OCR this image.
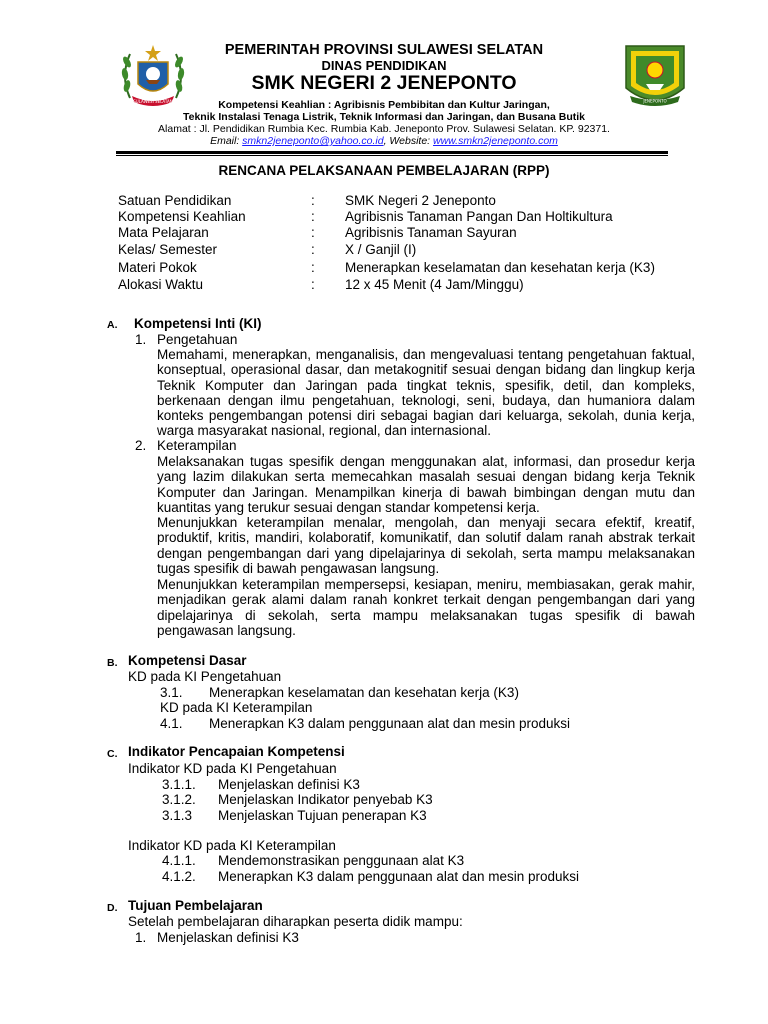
SULAWESI SELATAN	JENEPONTO
PEMERINTAH PROVINSI SULAWESI SELATAN
DINAS PENDIDIKAN
SMK NEGERI 2 JENEPONTO
Kompetensi Keahlian : Agribisnis Pembibitan dan Kultur Jaringan,
Teknik Instalasi Tenaga Listrik, Teknik Informasi dan Jaringan, dan Busana Butik
Alamat : Jl. Pendidikan Rumbia Kec. Rumbia Kab. Jeneponto Prov. Sulawesi Selatan. KP. 92371.
Email: smkn2jeneponto@yahoo.co.id, Website: www.smkn2jeneponto.com
RENCANA PELAKSANAAN PEMBELAJARAN (RPP)
Satuan Pendidikan	: SMK Negeri 2 Jeneponto
Kompetensi Keahlian	: Agribisnis Tanaman Pangan Dan Holtikultura
Mata Pelajaran	: Agribisnis Tanaman Sayuran
Kelas/ Semester	: X / Ganjil (I)
Materi Pokok	: Menerapkan keselamatan dan kesehatan kerja (K3)
Alokasi Waktu	: 12 x 45 Menit (4 Jam/Minggu)
A. Kompetensi Inti (KI)
1. Pengetahuan
Memahami, menerapkan, menganalisis, dan mengevaluasi tentang pengetahuan faktual, konseptual, operasional dasar, dan metakognitif sesuai dengan bidang dan lingkup kerja Teknik Komputer dan Jaringan pada tingkat teknis, spesifik, detil, dan kompleks, berkenaan dengan ilmu pengetahuan, teknologi, seni, budaya, dan humaniora dalam konteks pengembangan potensi diri sebagai bagian dari keluarga, sekolah, dunia kerja, warga masyarakat nasional, regional, dan internasional.
2. Keterampilan
Melaksanakan tugas spesifik dengan menggunakan alat, informasi, dan prosedur kerja yang lazim dilakukan serta memecahkan masalah sesuai dengan bidang kerja Teknik Komputer dan Jaringan. Menampilkan kinerja di bawah bimbingan dengan mutu dan kuantitas yang terukur sesuai dengan standar kompetensi kerja.
Menunjukkan keterampilan menalar, mengolah, dan menyaji secara efektif, kreatif, produktif, kritis, mandiri, kolaboratif, komunikatif, dan solutif dalam ranah abstrak terkait dengan pengembangan dari yang dipelajarinya di sekolah, serta mampu melaksanakan tugas spesifik di bawah pengawasan langsung.
Menunjukkan keterampilan mempersepsi, kesiapan, meniru, membiasakan, gerak mahir, menjadikan gerak alami dalam ranah konkret terkait dengan pengembangan dari yang dipelajarinya di sekolah, serta mampu melaksanakan tugas spesifik di bawah pengawasan langsung.
B. Kompetensi Dasar
KD pada KI Pengetahuan
3.1. Menerapkan keselamatan dan kesehatan kerja (K3)
KD pada KI Keterampilan
4.1. Menerapkan K3 dalam penggunaan alat dan mesin produksi
C. Indikator Pencapaian Kompetensi
Indikator KD pada KI Pengetahuan
3.1.1. Menjelaskan definisi K3
3.1.2. Menjelaskan Indikator penyebab K3
3.1.3 Menjelaskan Tujuan penerapan K3
Indikator KD pada KI Keterampilan
4.1.1. Mendemonstrasikan penggunaan alat K3
4.1.2. Menerapkan K3 dalam penggunaan alat dan mesin produksi
D. Tujuan Pembelajaran
Setelah pembelajaran diharapkan peserta didik mampu:
1. Menjelaskan definisi K3
